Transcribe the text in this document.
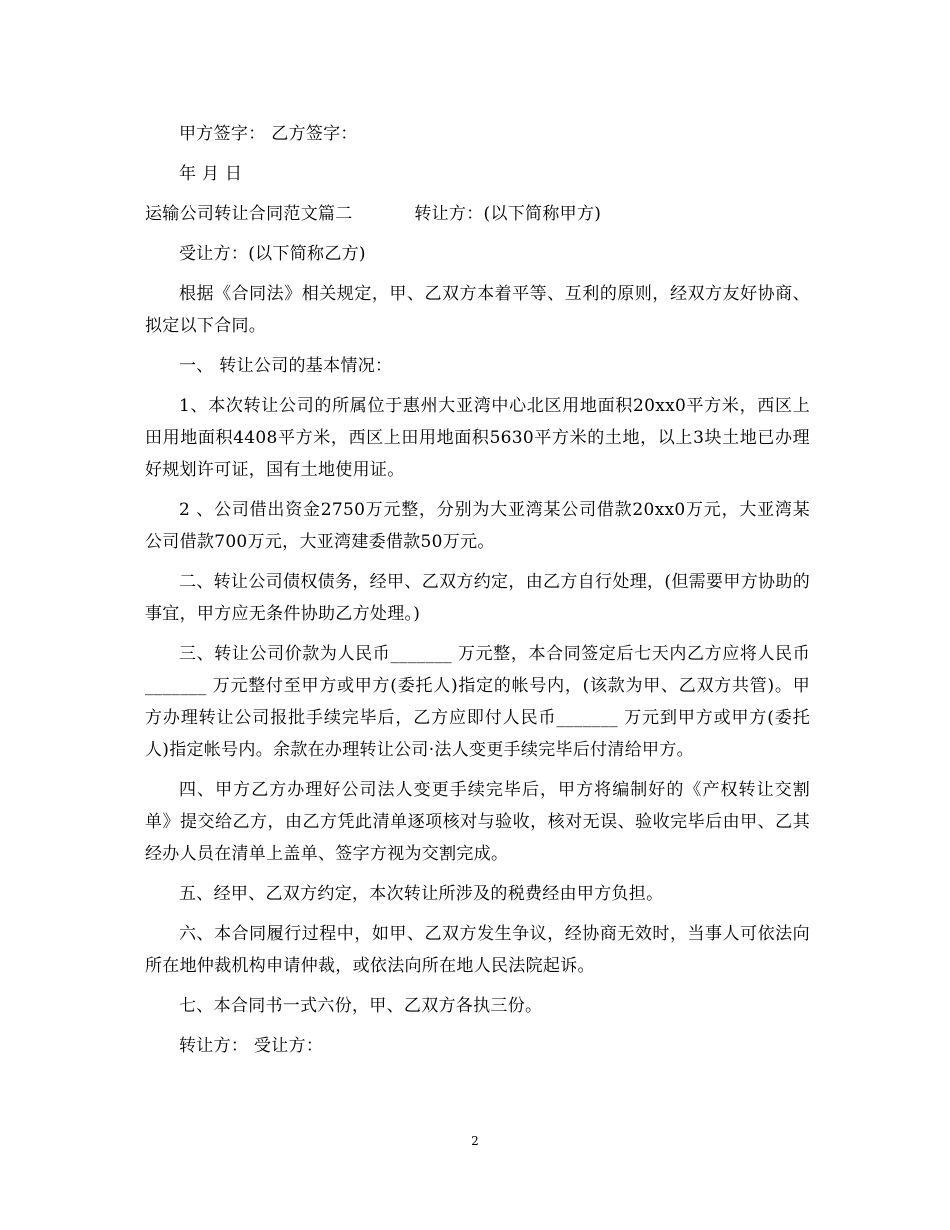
甲方签字： 乙方签字：
年 月 日
运输公司转让合同范文篇二	转让方：(以下简称甲方)
受让方：(以下简称乙方)

根据《合同法》相关规定，甲、乙双方本着平等、互利的原则，经双方友好协商、拟定以下合同。

一、 转让公司的基本情况：

1、本次转让公司的所属位于惠州大亚湾中心北区用地面积20xx0平方米，西区上田用地面积4408平方米，西区上田用地面积5630平方米的土地，以上3块土地已办理好规划许可证，国有土地使用证。

2 、公司借出资金2750万元整，分别为大亚湾某公司借款20xx0万元，大亚湾某公司借款700万元，大亚湾建委借款50万元。

二、转让公司债权债务，经甲、乙双方约定，由乙方自行处理，(但需要甲方协助的事宜，甲方应无条件协助乙方处理。)

三、转让公司价款为人民币_______ 万元整，本合同签定后七天内乙方应将人民币_______ 万元整付至甲方或甲方(委托人)指定的帐号内，(该款为甲、乙双方共管)。甲方办理转让公司报批手续完毕后，乙方应即付人民币_______ 万元到甲方或甲方(委托人)指定帐号内。余款在办理转让公司·法人变更手续完毕后付清给甲方。

四、甲方乙方办理好公司法人变更手续完毕后，甲方将编制好的《产权转让交割单》提交给乙方，由乙方凭此清单逐项核对与验收，核对无误、验收完毕后由甲、乙其经办人员在清单上盖单、签字方视为交割完成。

五、经甲、乙双方约定，本次转让所涉及的税费经由甲方负担。

六、本合同履行过程中，如甲、乙双方发生争议，经协商无效时，当事人可依法向所在地仲裁机构申请仲裁，或依法向所在地人民法院起诉。

七、本合同书一式六份，甲、乙双方各执三份。

转让方： 受让方：
2
